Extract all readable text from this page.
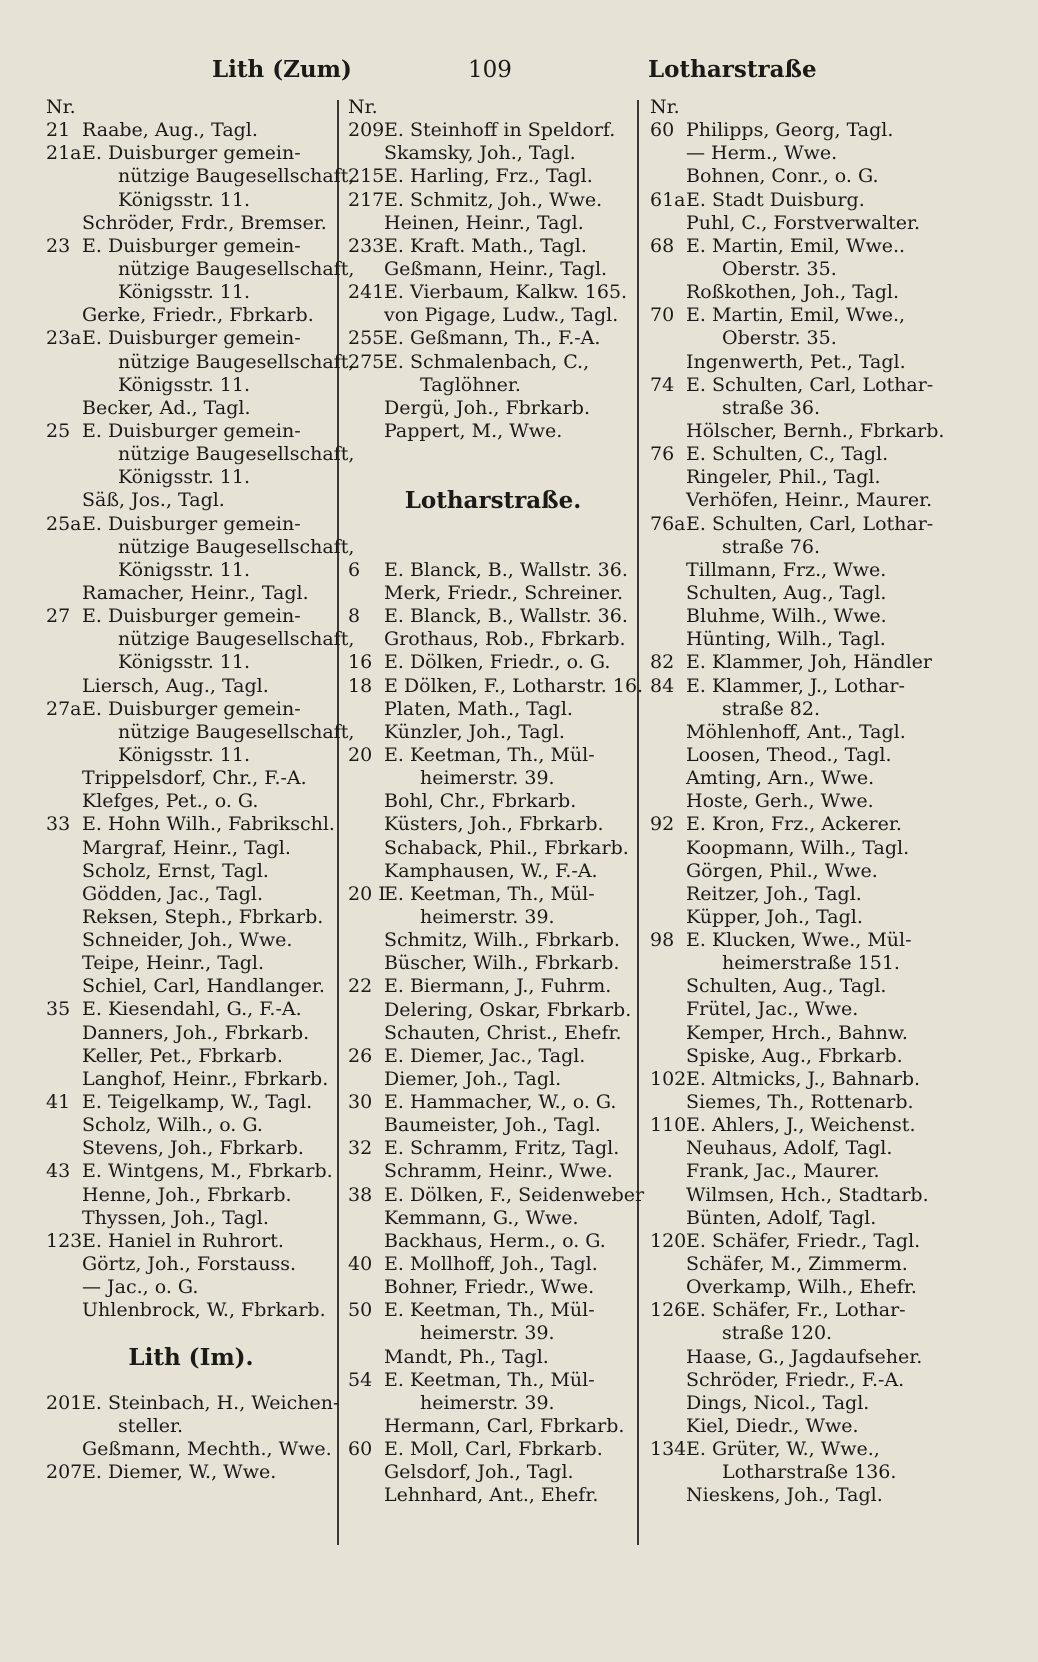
Lith (Zum)	109	Lotharstraße
Nr.
21 Raabe, Aug., Tagl.
21a E. Duisburger gemein-
nützige Baugesellschaft,
Königsstr. 11.
Schröder, Frdr., Bremser.
23 E. Duisburger gemein-
nützige Baugesellschaft,
Königsstr. 11.
Gerke, Friedr., Fbrkarb.
23a E. Duisburger gemein-
nützige Baugesellschaft,
Königsstr. 11.
Becker, Ad., Tagl.
25 E. Duisburger gemein-
nützige Baugesellschaft,
Königsstr. 11.
Säß, Jos., Tagl.
25a E. Duisburger gemein-
nützige Baugesellschaft,
Königsstr. 11.
Ramacher, Heinr., Tagl.
27 E. Duisburger gemein-
nützige Baugesellschaft,
Königsstr. 11.
Liersch, Aug., Tagl.
27a E. Duisburger gemein-
nützige Baugesellschaft,
Königsstr. 11.
Trippelsdorf, Chr., F.-A.
Klefges, Pet., o. G.
33 E. Hohn Wilh., Fabrikschl.
Margraf, Heinr., Tagl.
Scholz, Ernst, Tagl.
Gödden, Jac., Tagl.
Reksen, Steph., Fbrkarb.
Schneider, Joh., Wwe.
Teipe, Heinr., Tagl.
Schiel, Carl, Handlanger.
35 E. Kiesendahl, G., F.-A.
Danners, Joh., Fbrkarb.
Keller, Pet., Fbrkarb.
Langhof, Heinr., Fbrkarb.
41 E. Teigelkamp, W., Tagl.
Scholz, Wilh., o. G.
Stevens, Joh., Fbrkarb.
43 E. Wintgens, M., Fbrkarb.
Henne, Joh., Fbrkarb.
Thyssen, Joh., Tagl.
123 E. Haniel in Ruhrort.
Görtz, Joh., Forstauss.
— Jac., o. G.
Uhlenbrock, W., Fbrkarb.
Lith (Im).
201 E. Steinbach, H., Weichen-
steller.
Geßmann, Mechth., Wwe.
207 E. Diemer, W., Wwe.
Nr.
209 E. Steinhoff in Speldorf.
Skamsky, Joh., Tagl.
215 E. Harling, Frz., Tagl.
217 E. Schmitz, Joh., Wwe.
Heinen, Heinr., Tagl.
233 E. Kraft. Math., Tagl.
Geßmann, Heinr., Tagl.
241 E. Vierbaum, Kalkw. 165.
von Pigage, Ludw., Tagl.
255 E. Geßmann, Th., F.-A.
275 E. Schmalenbach, C.,
Taglöhner.
Dergü, Joh., Fbrkarb.
Pappert, M., Wwe.
Lotharstraße.
6	E. Blanck, B., Wallstr. 36.
Merk, Friedr., Schreiner.
8	E. Blanck, B., Wallstr. 36.
Grothaus, Rob., Fbrkarb.
16 E. Dölken, Friedr., o. G.
18 E Dölken, F., Lotharstr. 16.
Platen, Math., Tagl.
Künzler, Joh., Tagl.
20 E. Keetman, Th., Mül-
heimerstr. 39.
Bohl, Chr., Fbrkarb.
Küsters, Joh., Fbrkarb.
Schaback, Phil., Fbrkarb.
Kamphausen, W., F.-A.
20 I
E. Keetman, Th., Mül-
heimerstr. 39.
Schmitz, Wilh., Fbrkarb.
Büscher, Wilh., Fbrkarb.
22 E. Biermann, J., Fuhrm.
Delering, Oskar, Fbrkarb.
Schauten, Christ., Ehefr.
26 E. Diemer, Jac., Tagl.
Diemer, Joh., Tagl.
30 E. Hammacher, W., o. G.
Baumeister, Joh., Tagl.
32 E. Schramm, Fritz, Tagl.
Schramm, Heinr., Wwe.
38 E. Dölken, F., Seidenweber
Kemmann, G., Wwe.
Backhaus, Herm., o. G.
40 E. Mollhoff, Joh., Tagl.
Bohner, Friedr., Wwe.
50 E. Keetman, Th., Mül-
heimerstr. 39.
Mandt, Ph., Tagl.
54 E. Keetman, Th., Mül-
heimerstr. 39.
Hermann, Carl, Fbrkarb.
60 E. Moll, Carl, Fbrkarb.
Gelsdorf, Joh., Tagl.
Lehnhard, Ant., Ehefr.
Nr.
60 Philipps, Georg, Tagl.
— Herm., Wwe.
Bohnen, Conr., o. G.
61a E. Stadt Duisburg.
Puhl, C., Forstverwalter.
68 E. Martin, Emil, Wwe..
Oberstr. 35.
Roßkothen, Joh., Tagl.
70 E. Martin, Emil, Wwe.,
Oberstr. 35.
Ingenwerth, Pet., Tagl.
74 E. Schulten, Carl, Lothar-
straße 36.
Hölscher, Bernh., Fbrkarb.
76 E. Schulten, C., Tagl.
Ringeler, Phil., Tagl.
Verhöfen, Heinr., Maurer.
76a E. Schulten, Carl, Lothar-
straße 76.
Tillmann, Frz., Wwe.
Schulten, Aug., Tagl.
Bluhme, Wilh., Wwe.
Hünting, Wilh., Tagl.
82 E. Klammer, Joh, Händler
84 E. Klammer, J., Lothar-
straße 82.
Möhlenhoff, Ant., Tagl.
Loosen, Theod., Tagl.
Amting, Arn., Wwe.
Hoste, Gerh., Wwe.
92 E. Kron, Frz., Ackerer.
Koopmann, Wilh., Tagl.
Görgen, Phil., Wwe.
Reitzer, Joh., Tagl.
Küpper, Joh., Tagl.
98 E. Klucken, Wwe., Mül-
heimerstraße 151.
Schulten, Aug., Tagl.
Frütel, Jac., Wwe.
Kemper, Hrch., Bahnw.
Spiske, Aug., Fbrkarb.
102 E. Altmicks, J., Bahnarb.
Siemes, Th., Rottenarb.
110 E. Ahlers, J., Weichenst.
Neuhaus, Adolf, Tagl.
Frank, Jac., Maurer.
Wilmsen, Hch., Stadtarb.
Bünten, Adolf, Tagl.
120 E. Schäfer, Friedr., Tagl.
Schäfer, M., Zimmerm.
Overkamp, Wilh., Ehefr.
126 E. Schäfer, Fr., Lothar-
straße 120.
Haase, G., Jagdaufseher.
Schröder, Friedr., F.-A.
Dings, Nicol., Tagl.
Kiel, Diedr., Wwe.
134 E. Grüter, W., Wwe.,
Lotharstraße 136.
Nieskens, Joh., Tagl.
